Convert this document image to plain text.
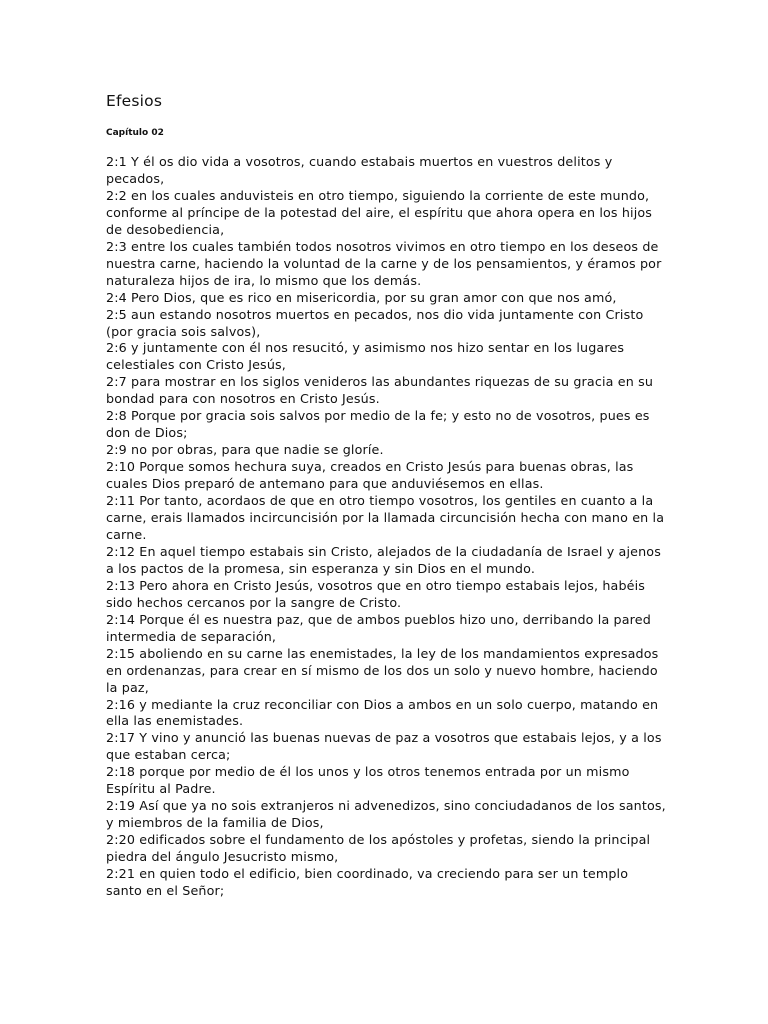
Efesios
Capítulo 02

2:1 Y él os dio vida a vosotros, cuando estabais muertos en vuestros delitos y pecados,

2:2 en los cuales anduvisteis en otro tiempo, siguiendo la corriente de este mundo, conforme al príncipe de la potestad del aire, el espíritu que ahora opera en los hijos de desobediencia,

2:3 entre los cuales también todos nosotros vivimos en otro tiempo en los deseos de nuestra carne, haciendo la voluntad de la carne y de los pensamientos, y éramos por naturaleza hijos de ira, lo mismo que los demás.

2:4 Pero Dios, que es rico en misericordia, por su gran amor con que nos amó,

2:5 aun estando nosotros muertos en pecados, nos dio vida juntamente con Cristo (por gracia sois salvos),

2:6 y juntamente con él nos resucitó, y asimismo nos hizo sentar en los lugares celestiales con Cristo Jesús,

2:7 para mostrar en los siglos venideros las abundantes riquezas de su gracia en su bondad para con nosotros en Cristo Jesús.

2:8 Porque por gracia sois salvos por medio de la fe; y esto no de vosotros, pues es don de Dios;

2:9 no por obras, para que nadie se gloríe.

2:10 Porque somos hechura suya, creados en Cristo Jesús para buenas obras, las cuales Dios preparó de antemano para que anduviésemos en ellas.

2:11 Por tanto, acordaos de que en otro tiempo vosotros, los gentiles en cuanto a la carne, erais llamados incircuncisión por la llamada circuncisión hecha con mano en la carne.

2:12 En aquel tiempo estabais sin Cristo, alejados de la ciudadanía de Israel y ajenos a los pactos de la promesa, sin esperanza y sin Dios en el mundo.

2:13 Pero ahora en Cristo Jesús, vosotros que en otro tiempo estabais lejos, habéis sido hechos cercanos por la sangre de Cristo.

2:14 Porque él es nuestra paz, que de ambos pueblos hizo uno, derribando la pared intermedia de separación,

2:15 aboliendo en su carne las enemistades, la ley de los mandamientos expresados en ordenanzas, para crear en sí mismo de los dos un solo y nuevo hombre, haciendo la paz,

2:16 y mediante la cruz reconciliar con Dios a ambos en un solo cuerpo, matando en ella las enemistades.

2:17 Y vino y anunció las buenas nuevas de paz a vosotros que estabais lejos, y a los que estaban cerca;

2:18 porque por medio de él los unos y los otros tenemos entrada por un mismo Espíritu al Padre.

2:19 Así que ya no sois extranjeros ni advenedizos, sino conciudadanos de los santos, y miembros de la familia de Dios,

2:20 edificados sobre el fundamento de los apóstoles y profetas, siendo la principal piedra del ángulo Jesucristo mismo,

2:21 en quien todo el edificio, bien coordinado, va creciendo para ser un templo santo en el Señor;
